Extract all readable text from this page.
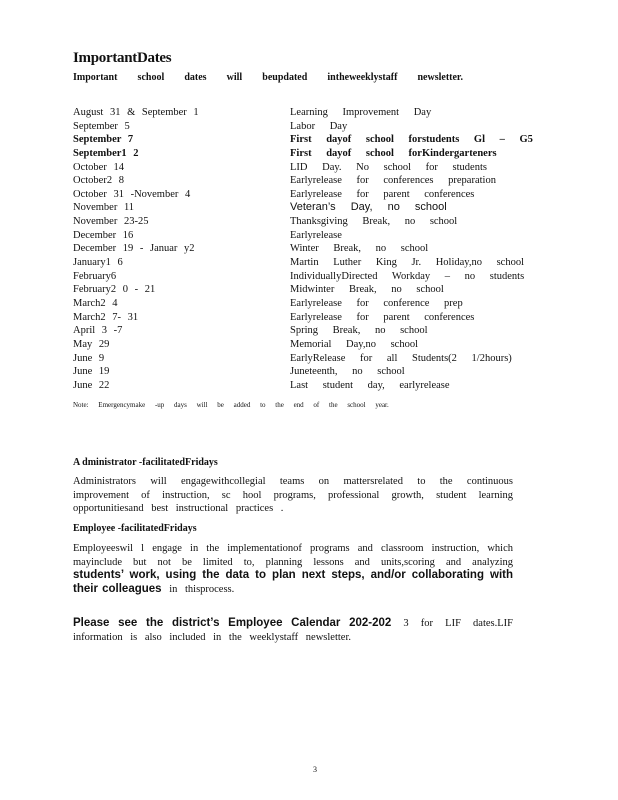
ImportantDates
Important school dates will beupdated intheweeklystaff newsletter.
August 31 & September 1	Learning Improvement Day
September 5	Labor Day
September 7	First dayof school forstudents Gl – G5
September1 2	First dayof school forKindergarteners
October 14	LID Day. No school for students
October2 8	Earlyrelease for conferences preparation
October 31 -November 4	Earlyrelease for parent conferences
November 11	Veteran’s Day, no school
November 23-25	Thanksgiving Break, no school
December 16	Earlyrelease
December 19 - Januar y2	Winter Break, no school
January1 6	Martin Luther King Jr. Holiday,no school
February6	IndividuallyDirected Workday – no students
February2 0 - 21	Midwinter Break, no school
March2 4	Earlyrelease for conference prep
March2 7- 31	Earlyrelease for parent conferences
April 3 -7	Spring Break, no school
May 29	Memorial Day,no school
June 9	EarlyRelease for all Students(2 1/2hours)
June 19	Juneteenth, no school
June 22	Last student day, earlyrelease
Note: Emergencymake -up days will be added to the end of the school year.
A dministrator -facilitatedFridays
Administrators will engagewithcollegial teams on mattersrelated to the continuous improvement of instruction, sc hool programs, professional growth, student learning opportunitiesand best instructional practices .
Employee -facilitatedFridays
Employeeswil l engage in the implementationof programs and classroom instruction, which mayinclude but not be limited to, planning lessons and units,scoring and analyzing students’ work, using the data to plan next steps, and/or collaborating with their colleagues in thisprocess.
Please see the district’s Employee Calendar 202-202 3 for LIF dates.LIF information is also included in the weeklystaff newsletter.
3
